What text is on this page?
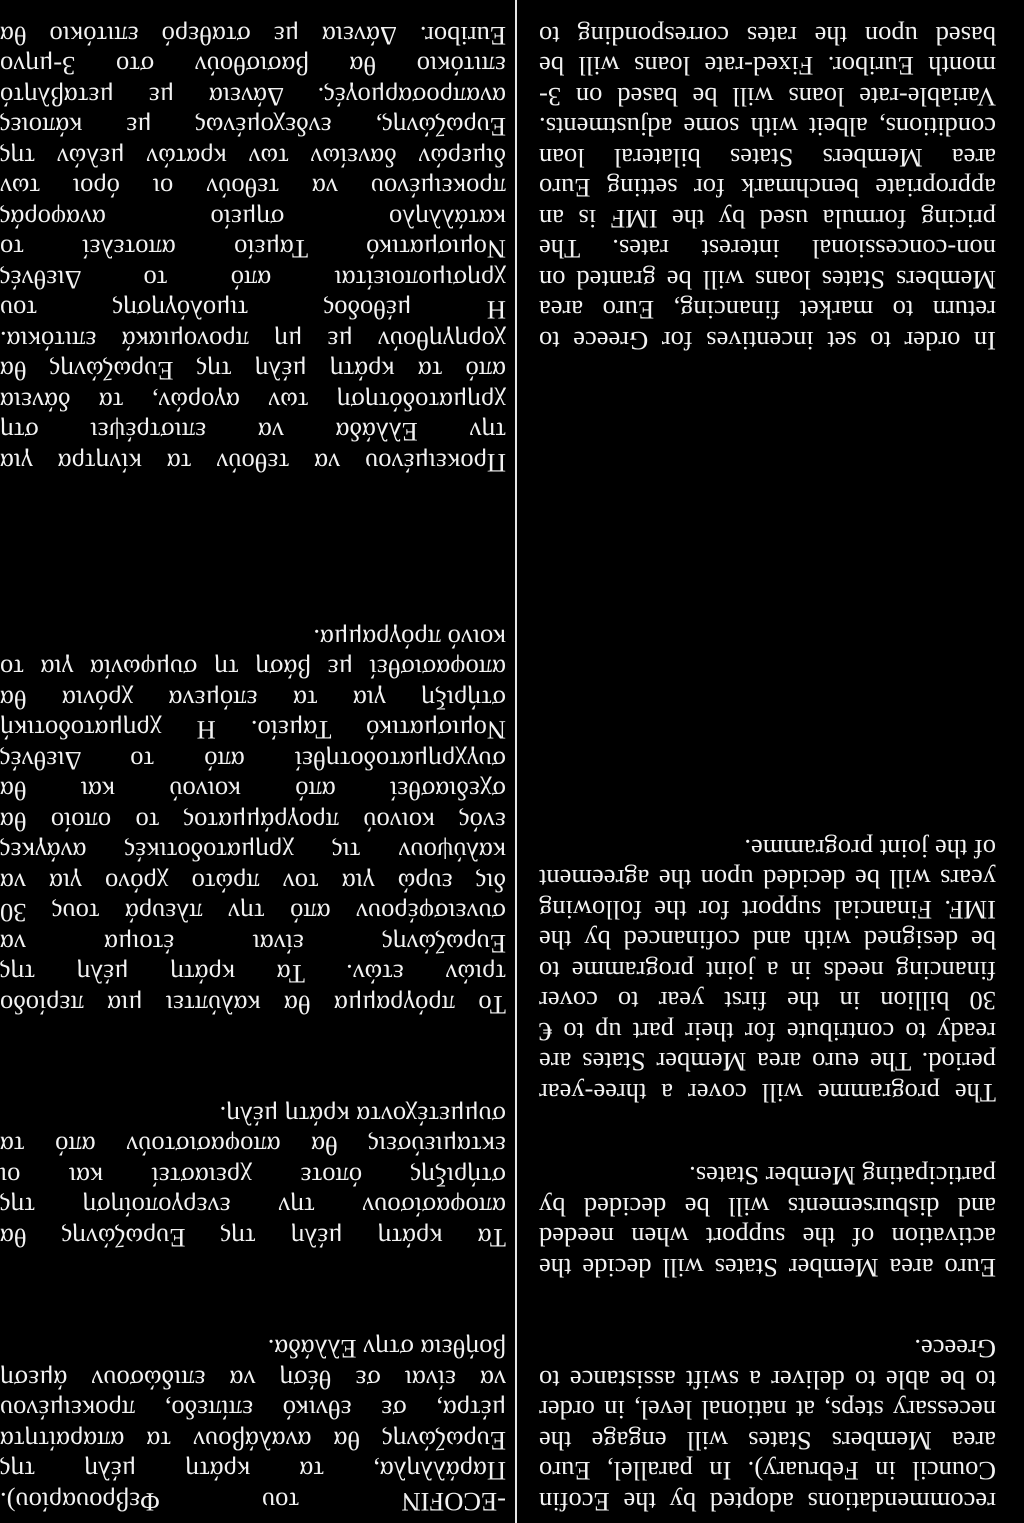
recommendations adopted by the Ecofin
Council in February). In parallel, Euro
area Members States will engage the
necessary steps, at national level, in order
to be able to deliver a swift assistance to
Greece.
Euro area Member States will decide the
activation of the support when needed
and disbursements will be decided by
participating Member States.
The programme will cover a three-year
period. The euro area Member States are
ready to contribute for their part up to €
30 billion in the first year to cover
financing needs in a joint programme to
be designed with and cofinanced by the
IMF. Financial support for the following
years will be decided upon the agreement
of the joint programme.
In order to set incentives for Greece to
return to market financing, Euro area
Members States loans will be granted on
non-concessional interest rates. The
pricing formula used by the IMF is an
appropriate benchmark for setting Euro
area Members States bilateral loan
conditions, albeit with some adjustments.
Variable-rate loans will be based on 3-
month Euribor. Fixed-rate loans will be
based upon the rates corresponding to
-ECOFIN του Φεβρουαρίου).
Παράλληλα, τα κράτη μέλη της
Ευρωζώνης θα αναλάβουν τα απαραίτητα
μέτρα, σε εθνικό επίπεδο, προκειμένου
να είναι σε θέση να επιδώσουν άμεση
βοήθεια στην Ελλάδα.
Τα κράτη μέλη της Ευρωζώνης θα
αποφασίσουν την ενεργοποίηση της
στήριξης όποτε χρειαστεί και οι
εκταμιεύσεις θα αποφασιστούν από τα
συμμετέχοντα κράτη μέλη.
Το πρόγραμμα θα καλύπτει μια περίοδο
τριών ετών. Τα κράτη μέλη της
Ευρωζώνης είναι έτοιμα να
συνεισφέρουν από την πλευρά τους 30
δις ευρώ για τον πρώτο χρόνο για να
καλύψουν τις χρηματοδοτικές ανάγκες
ενός κοινού προγράμματος το οποίο θα
σχεδιασθεί από κοινού και θα
συγχρηματοδοτηθεί από το Διεθνές
Νομισματικό Ταμείο. Η χρηματοδοτική
στήριξη για τα επόμενα χρόνια θα
αποφασισθεί με βάση τη συμφωνία για το
κοινό πρόγραμμα.
Προκειμένου να τεθούν τα κίνητρα για
την Ελλάδα να επιστρέψει στη
χρηματοδότηση των αγορών, τα δάνεια
από τα κράτη μέλη της Ευρωζώνης θα
χορηγηθούν με μη προνομιακά επιτόκια.
Η μέθοδος τιμολόγησης του
χρησιμοποιείται από το Διεθνές
Νομισματικό Ταμείο αποτελεί το
κατάλληλο σημείο αναφοράς
προκειμένου να τεθούν οι όροι των
διμερών δανείων των κρατών μελών της
Ευρωζώνης, ενδεχομένως με κάποιες
αναπροσαρμογές. Δάνεια με μεταβλητό
επιτόκιο θα βασισθούν στο 3-μηνο
Euribor. Δάνεια με σταθερό επιτόκιο θα
